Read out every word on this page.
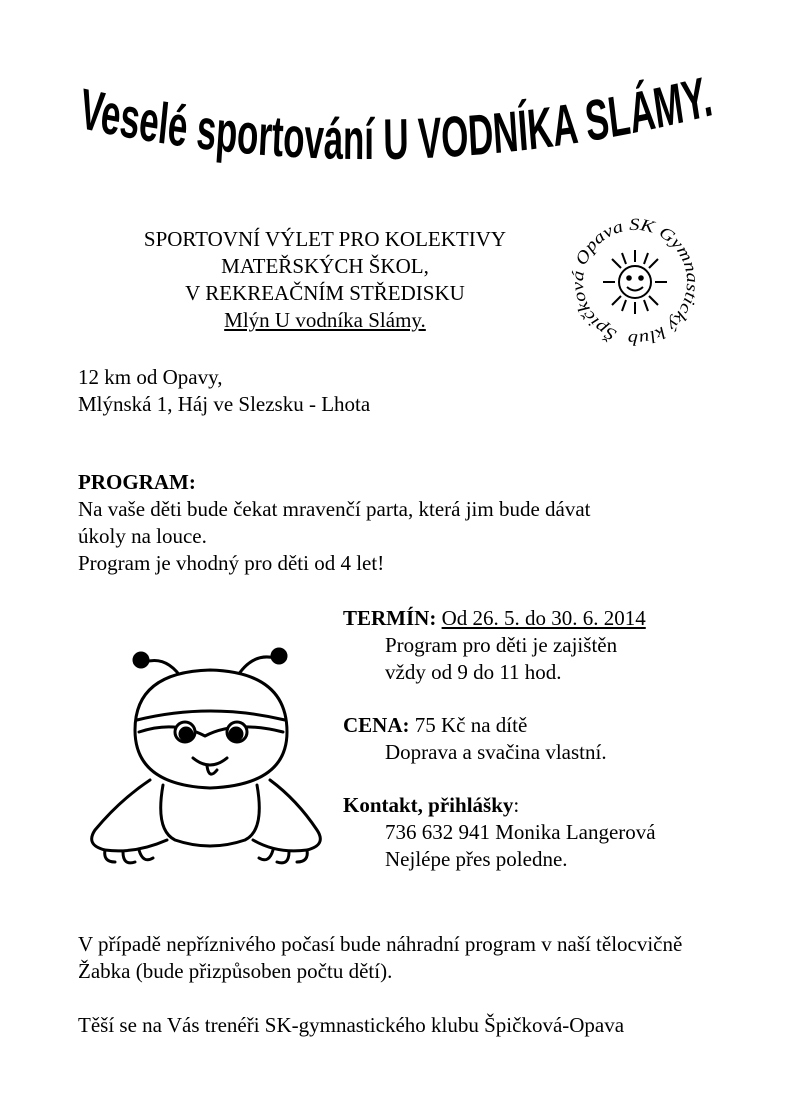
Veselé sportování U VODNÍKA SLÁMY.
SPORTOVNÍ VÝLET PRO KOLEKTIVY
MATEŘSKÝCH ŠKOL,
V REKREAČNÍM STŘEDISKU
Mlýn U vodníka Slámy.
Špičková Opava SK Gymnastický klub
12 km od Opavy,
Mlýnská 1, Háj ve Slezsku - Lhota
PROGRAM:
Na vaše děti bude čekat mravenčí parta, která jim bude dávat
úkoly na louce.
Program je vhodný pro děti od 4 let!
TERMÍN: Od 26. 5. do 30. 6. 2014
Program pro děti je zajištěn
vždy od 9 do 11 hod.
CENA: 75 Kč na dítě
Doprava a svačina vlastní.
Kontakt, přihlášky:
736 632 941 Monika Langerová
Nejlépe přes poledne.
V případě nepříznivého počasí bude náhradní program v naší tělocvičně
Žabka (bude přizpůsoben počtu dětí).
Těší se na Vás trenéři SK-gymnastického klubu Špičková-Opava
